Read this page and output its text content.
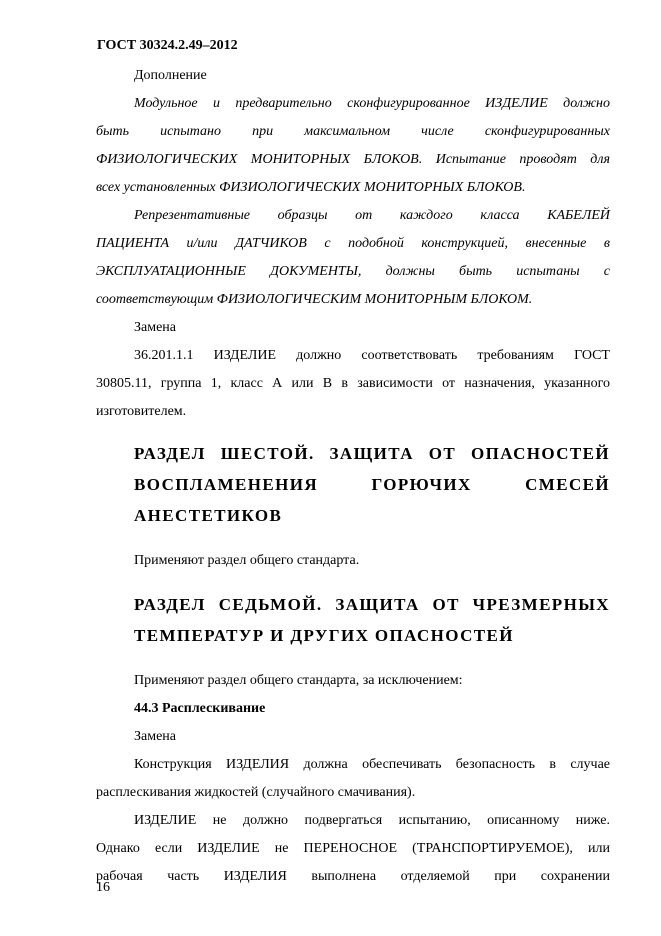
ГОСТ 30324.2.49–2012

Дополнение

Модульное и предварительно сконфигурированное ИЗДЕЛИЕ должно

быть испытано при максимальном числе сконфигурированных

ФИЗИОЛОГИЧЕСКИХ МОНИТОРНЫХ БЛОКОВ. Испытание проводят для

всех установленных ФИЗИОЛОГИЧЕСКИХ МОНИТОРНЫХ БЛОКОВ.

Репрезентативные образцы от каждого класса КАБЕЛЕЙ

ПАЦИЕНТА и/или ДАТЧИКОВ с подобной конструкцией, внесенные в

ЭКСПЛУАТАЦИОННЫЕ ДОКУМЕНТЫ, должны быть испытаны с

соответствующим ФИЗИОЛОГИЧЕСКИМ МОНИТОРНЫМ БЛОКОМ.

Замена

36.201.1.1 ИЗДЕЛИЕ должно соответствовать требованиям ГОСТ

30805.11, группа 1, класс А или В в зависимости от назначения, указанного

изготовителем.

РАЗДЕЛ ШЕСТОЙ. ЗАЩИТА ОТ ОПАСНОСТЕЙ

ВОСПЛАМЕНЕНИЯ ГОРЮЧИХ СМЕСЕЙ

АНЕСТЕТИКОВ

Применяют раздел общего стандарта.

РАЗДЕЛ СЕДЬМОЙ. ЗАЩИТА ОТ ЧРЕЗМЕРНЫХ

ТЕМПЕРАТУР И ДРУГИХ ОПАСНОСТЕЙ

Применяют раздел общего стандарта, за исключением:

44.3 Расплескивание

Замена

Конструкция ИЗДЕЛИЯ должна обеспечивать безопасность в случае

расплескивания жидкостей (случайного смачивания).

ИЗДЕЛИЕ не должно подвергаться испытанию, описанному ниже.

Однако если ИЗДЕЛИЕ не ПЕРЕНОСНОЕ (ТРАНСПОРТИРУЕМОЕ), или

рабочая часть ИЗДЕЛИЯ выполнена отделяемой при сохранении

16
